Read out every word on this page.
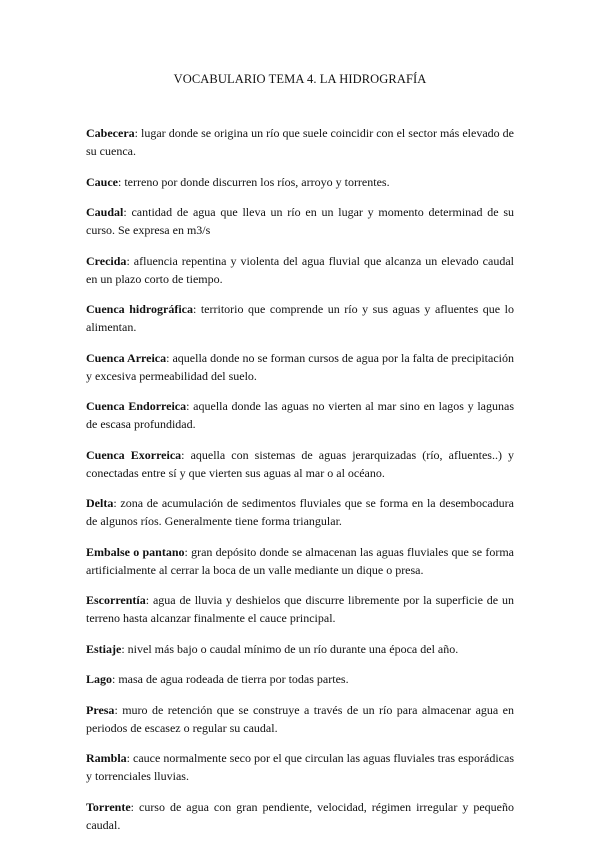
VOCABULARIO TEMA 4. LA HIDROGRAFÍA

Cabecera: lugar donde se origina un río que suele coincidir con el sector más elevado de su cuenca.

Cauce: terreno por donde discurren los ríos, arroyo y torrentes.

Caudal: cantidad de agua que lleva un río en un lugar y momento determinad de su curso. Se expresa en m3/s

Crecida: afluencia repentina y violenta del agua fluvial que alcanza un elevado caudal en un plazo corto de tiempo.

Cuenca hidrográfica: territorio que comprende un río y sus aguas y afluentes que lo alimentan.

Cuenca Arreica: aquella donde no se forman cursos de agua por la falta de precipitación y excesiva permeabilidad del suelo.

Cuenca Endorreica: aquella donde las aguas no vierten al mar sino en lagos y lagunas de escasa profundidad.

Cuenca Exorreica: aquella con sistemas de aguas jerarquizadas (río, afluentes..) y conectadas entre sí y que vierten sus aguas al mar o al océano.

Delta: zona de acumulación de sedimentos fluviales que se forma en la desembocadura de algunos ríos. Generalmente tiene forma triangular.

Embalse o pantano: gran depósito donde se almacenan las aguas fluviales que se forma artificialmente al cerrar la boca de un valle mediante un dique o presa.

Escorrentía: agua de lluvia y deshielos que discurre libremente por la superficie de un terreno hasta alcanzar finalmente el cauce principal.

Estiaje: nivel más bajo o caudal mínimo de un río durante una época del año.

Lago: masa de agua rodeada de tierra por todas partes.

Presa: muro de retención que se construye a través de un río para almacenar agua en periodos de escasez o regular su caudal.

Rambla: cauce normalmente seco por el que circulan las aguas fluviales tras esporádicas y torrenciales lluvias.

Torrente: curso de agua con gran pendiente, velocidad, régimen irregular y pequeño caudal.
